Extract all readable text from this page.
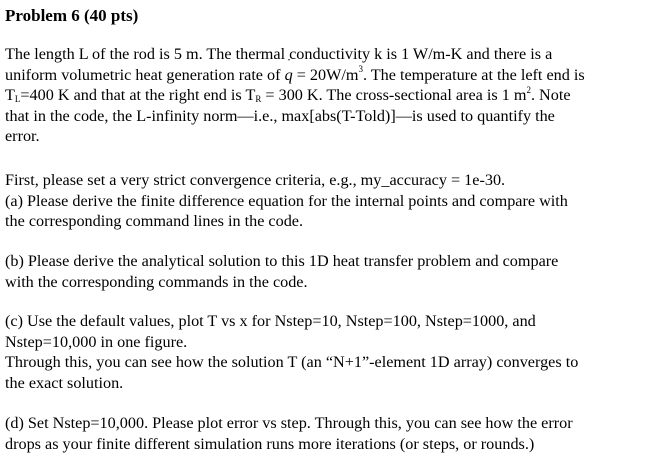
Problem 6 (40 pts)
The length L of the rod is 5 m. The thermal conductivity k is 1 W/m-K and there is a
uniform volumetric heat generation rate of ˙ $q = 20W/m^3$. The temperature at the left end is
$T_L=400$ K and that at the right end is $T_R = 300$ K. The cross-sectional area is 1 $m^2$. Note
that in the code, the L-infinity norm—i.e., max[abs(T-Told)]—is used to quantify the
error.
First, please set a very strict convergence criteria, e.g., my_accuracy = 1e-30.
(a) Please derive the finite difference equation for the internal points and compare with
the corresponding command lines in the code.
(b) Please derive the analytical solution to this 1D heat transfer problem and compare
with the corresponding commands in the code.
(c) Use the default values, plot T vs x for Nstep=10, Nstep=100, Nstep=1000, and
Nstep=10,000 in one figure.
Through this, you can see how the solution T (an “N+1”-element 1D array) converges to
the exact solution.
(d) Set Nstep=10,000. Please plot error vs step. Through this, you can see how the error
drops as your finite different simulation runs more iterations (or steps, or rounds.)
